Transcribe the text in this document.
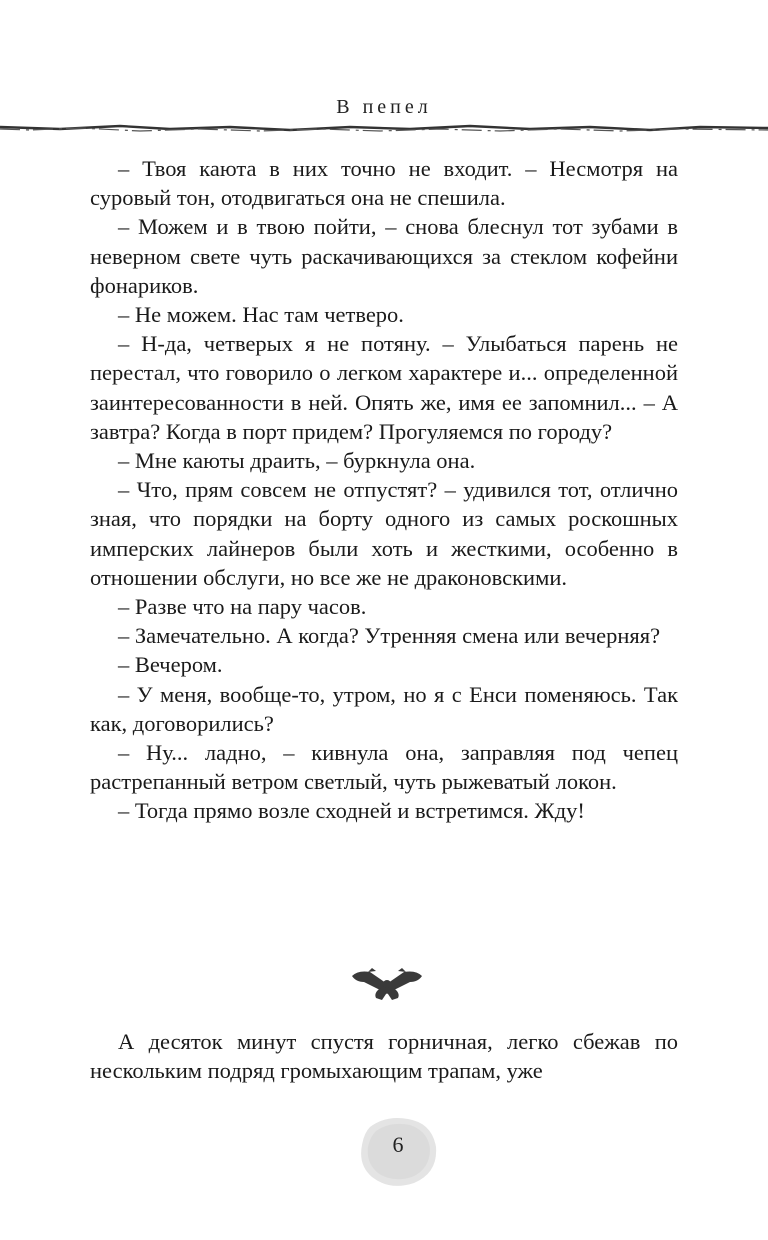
В пепел

– Твоя каюта в них точно не входит. – Несмотря на суровый тон, отодвигаться она не спешила.

– Можем и в твою пойти, – снова блеснул тот зубами в неверном свете чуть раскачивающихся за стеклом кофейни фонариков.

– Не можем. Нас там четверо.

– Н-да, четверых я не потяну. – Улыбаться парень не перестал, что говорило о легком характере и... определенной заинтересованности в ней. Опять же, имя ее запомнил... – А завтра? Когда в порт придем? Прогуляемся по городу?

– Мне каюты драить, – буркнула она.

– Что, прям совсем не отпустят? – удивился тот, отлично зная, что порядки на борту одного из самых роскошных имперских лайнеров были хоть и жесткими, особенно в отношении обслуги, но все же не драконовскими.

– Разве что на пару часов.

– Замечательно. А когда? Утренняя смена или вечерняя?

– Вечером.

– У меня, вообще-то, утром, но я с Енси поменяюсь. Так как, договорились?

– Ну... ладно, – кивнула она, заправляя под чепец растрепанный ветром светлый, чуть рыжеватый локон.

– Тогда прямо возле сходней и встретимся. Жду!

А десяток минут спустя горничная, легко сбежав по нескольким подряд громыхающим трапам, уже

6
